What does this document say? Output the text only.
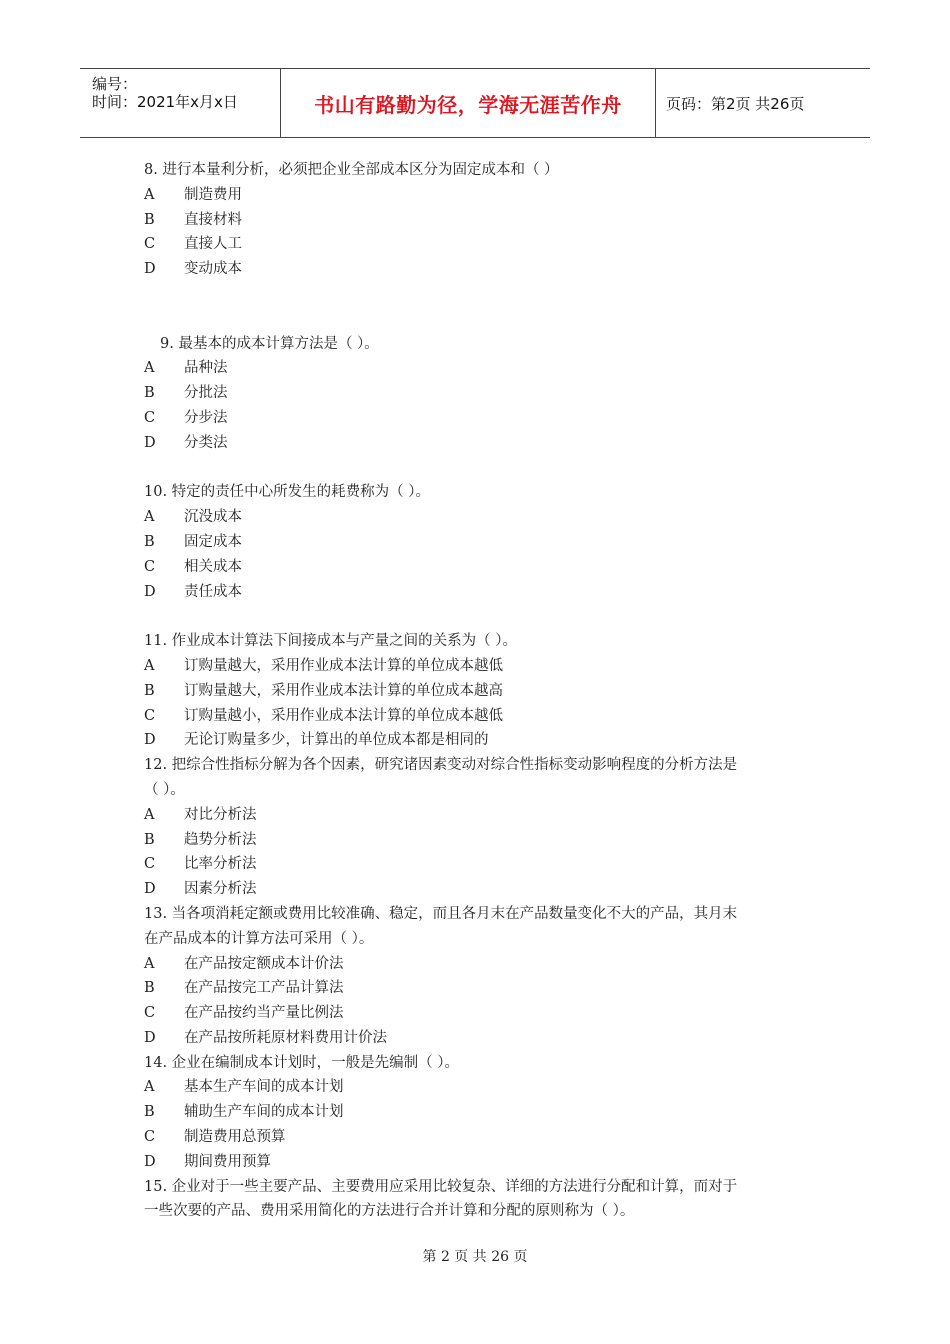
编号：
时间：2021年x月x日	书山有路勤为径，学海无涯苦作舟	页码：第2页 共26页
8. 进行本量利分析，必须把企业全部成本区分为固定成本和（ ）
A	制造费用
B	直接材料
C	直接人工
D	变动成本
9. 最基本的成本计算方法是（ ）。
A	品种法
B	分批法
C	分步法
D	分类法
10. 特定的责任中心所发生的耗费称为（ ）。
A	沉没成本
B	固定成本
C	相关成本
D	责任成本
11. 作业成本计算法下间接成本与产量之间的关系为（ ）。
A	订购量越大，采用作业成本法计算的单位成本越低
B	订购量越大，采用作业成本法计算的单位成本越高
C	订购量越小，采用作业成本法计算的单位成本越低
D	无论订购量多少，计算出的单位成本都是相同的
12. 把综合性指标分解为各个因素，研究诸因素变动对综合性指标变动影响程度的分析方法是
（ ）。
A	对比分析法
B	趋势分析法
C	比率分析法
D	因素分析法
13. 当各项消耗定额或费用比较准确、稳定，而且各月末在产品数量变化不大的产品，其月末
在产品成本的计算方法可采用（ ）。
A	在产品按定额成本计价法
B	在产品按完工产品计算法
C	在产品按约当产量比例法
D	在产品按所耗原材料费用计价法
14. 企业在编制成本计划时，一般是先编制（ ）。
A	基本生产车间的成本计划
B	辅助生产车间的成本计划
C	制造费用总预算
D	期间费用预算
15. 企业对于一些主要产品、主要费用应采用比较复杂、详细的方法进行分配和计算，而对于
一些次要的产品、费用采用简化的方法进行合并计算和分配的原则称为（ ）。
第 2 页 共 26 页
